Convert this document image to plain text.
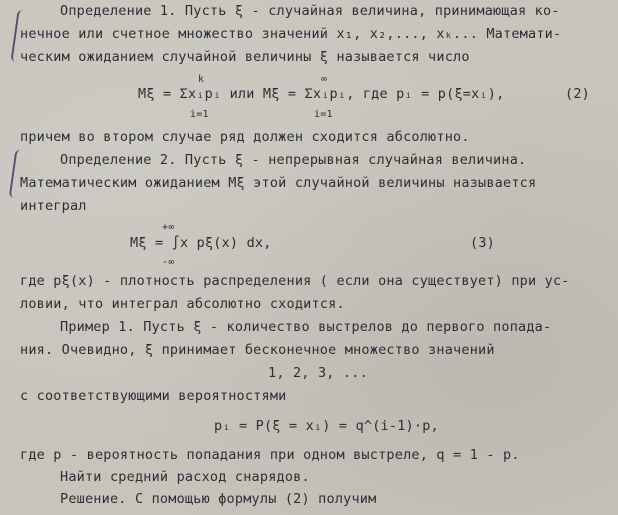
Определение 1. Пусть ξ - случайная величина, принимающая ко-
нечное или счетное множество значений x₁, x₂,..., xₖ... Математи-
ческим ожиданием случайной величины ξ называется число
k	∞
Mξ = Σxᵢpᵢ или Mξ = Σxᵢpᵢ, где pᵢ = p(ξ=xᵢ),	(2)
i=1	i=1
причем во втором случае ряд должен сходится абсолютно.
Определение 2. Пусть ξ - непрерывная случайная величина.
Математическим ожиданием Mξ этой случайной величины называется
интеграл
+∞
Mξ = ∫x pξ(x) dx,	(3)
-∞
где pξ(x) - плотность распределения ( если она существует) при ус-
ловии, что интеграл абсолютно сходится.
Пример 1. Пусть ξ - количество выстрелов до первого попада-
ния. Очевидно, ξ принимает бесконечное множество значений
1, 2, 3, ...
с соответствующими вероятностями
pᵢ = P(ξ = xᵢ) = q^(i-1)·p,
где p - вероятность попадания при одном выстреле, q = 1 - p.
Найти средний расход снарядов.
Решение. С помощью формулы (2) получим
